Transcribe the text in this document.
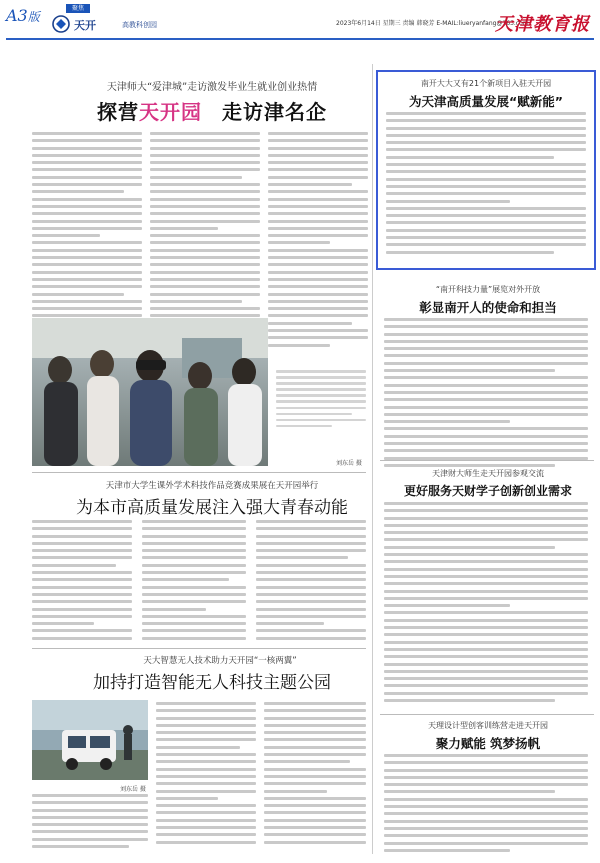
A3版
聚焦
天开	高教科创园	2023年6月14日 星期三 责编 韩晓芳 E-MAIL:liueryanfang@163.com
天津教育报
天津师大“爱津城”走访激发毕业生就业创业热情
探营天开园 走访津名企
刘东岳 摄
南开大大又有21个新项目入驻天开园
为天津高质量发展“赋新能”
“南开科技力量”展览对外开放
彰显南开人的使命和担当
天津市大学生课外学术科技作品竞赛成果展在天开园举行
为本市高质量发展注入强大青春动能
天津财大师生走天开园参观交流
更好服务天财学子创新创业需求
天大智慧无人技术助力天开园“一核两翼”
加持打造智能无人科技主题公园
刘东岳 摄
天理设计型创客训练营走进天开园
聚力赋能 筑梦扬帆
